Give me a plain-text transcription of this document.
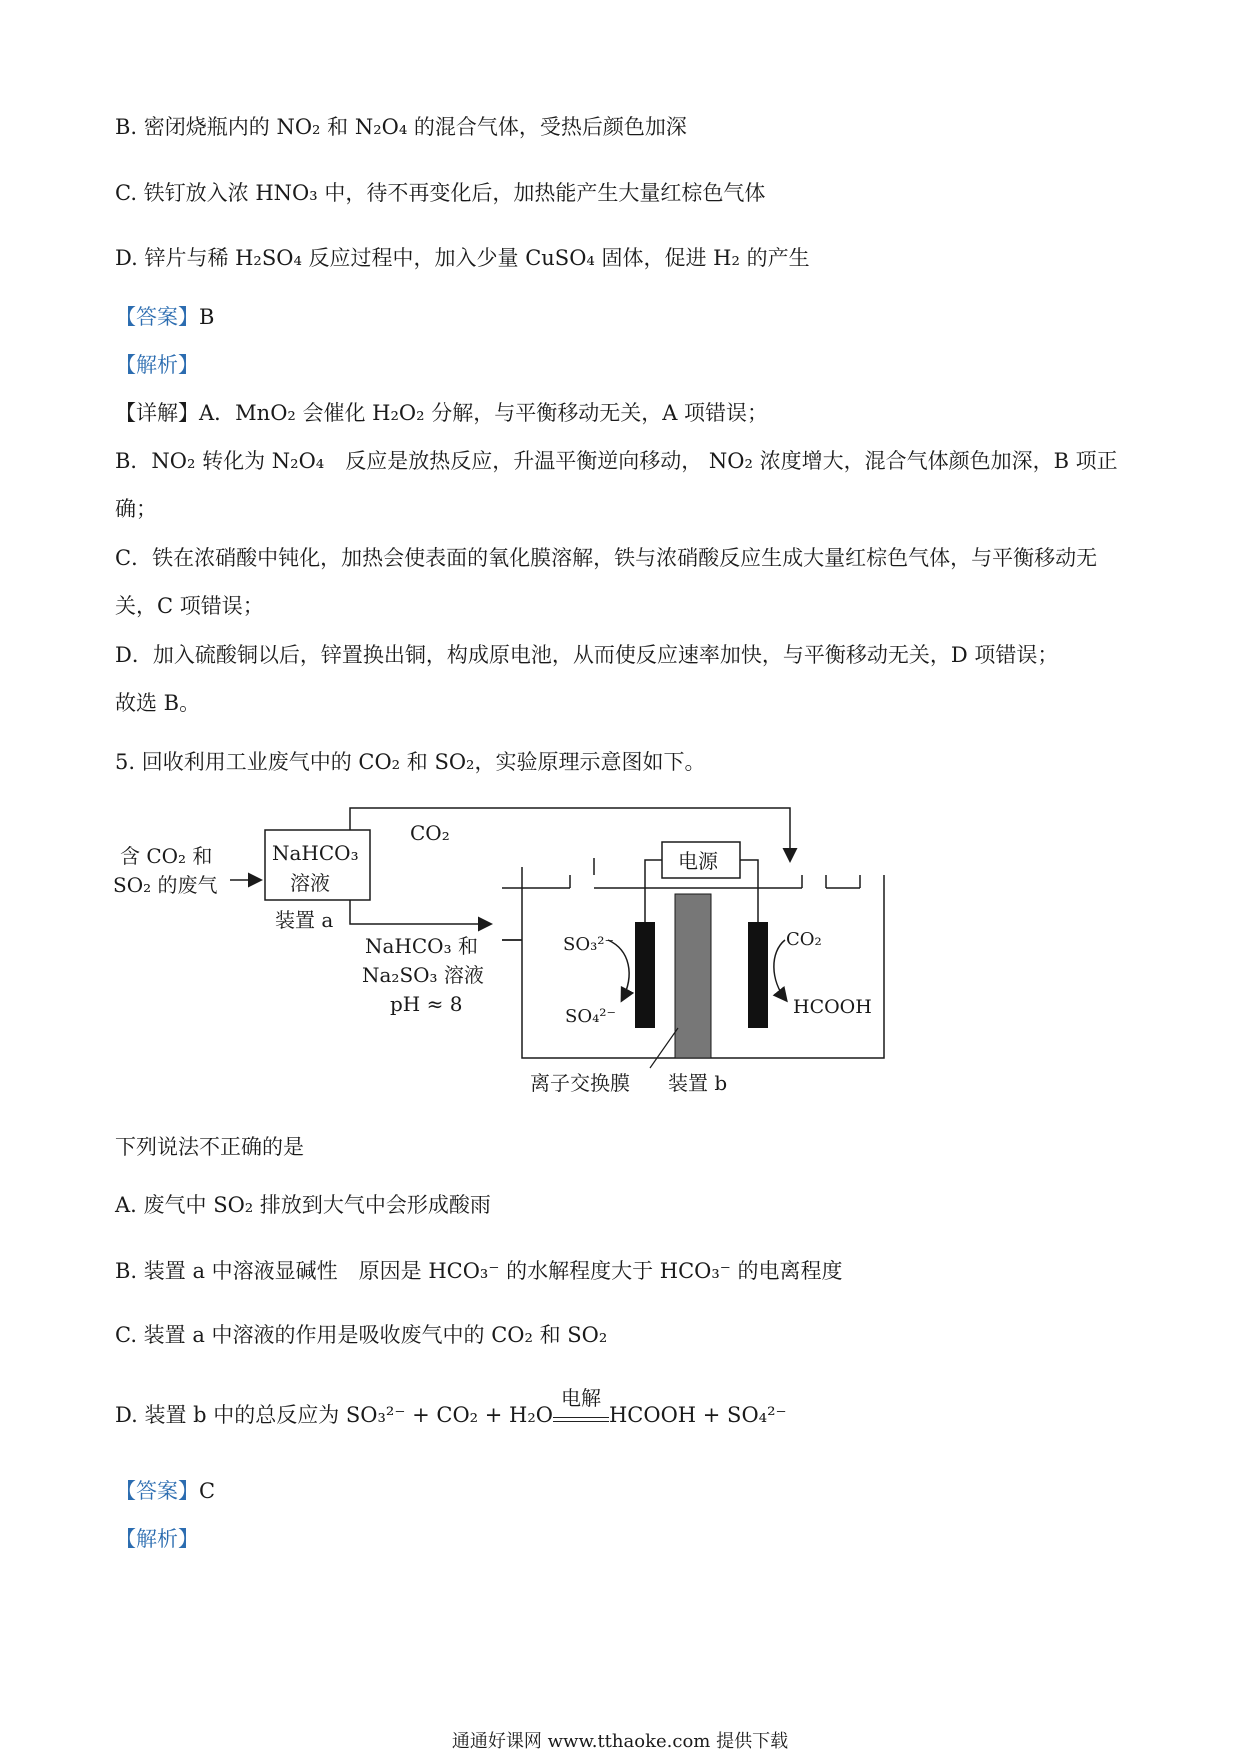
B. 密闭烧瓶内的 NO₂ 和 N₂O₄ 的混合气体，受热后颜色加深
C. 铁钉放入浓 HNO₃ 中，待不再变化后，加热能产生大量红棕色气体
D. 锌片与稀 H₂SO₄ 反应过程中，加入少量 CuSO₄ 固体，促进 H₂ 的产生
【答案】B
【解析】
【详解】A．MnO₂ 会催化 H₂O₂ 分解，与平衡移动无关，A 项错误；
B．NO₂ 转化为 N₂O₄　反应是放热反应，升温平衡逆向移动， NO₂ 浓度增大，混合气体颜色加深，B 项正
确；
C．铁在浓硝酸中钝化，加热会使表面的氧化膜溶解，铁与浓硝酸反应生成大量红棕色气体，与平衡移动无
关，C 项错误；
D．加入硫酸铜以后，锌置换出铜，构成原电池，从而使反应速率加快，与平衡移动无关，D 项错误；
故选 B。
5. 回收利用工业废气中的 CO₂ 和 SO₂，实验原理示意图如下。
含 CO₂ 和
SO₂ 的废气
NaHCO₃
溶液
装置 a
CO₂
NaHCO₃ 和
Na₂SO₃ 溶液
pH ≈ 8
电源
SO₃²⁻
SO₄²⁻
CO₂
HCOOH
离子交换膜 装置 b
下列说法不正确的是
A. 废气中 SO₂ 排放到大气中会形成酸雨
B. 装置 a 中溶液显碱性　原因是 HCO₃⁻ 的水解程度大于 HCO₃⁻ 的电离程度
C. 装置 a 中溶液的作用是吸收废气中的 CO₂ 和 SO₂
D. 装置 b 中的总反应为 SO₃²⁻ + CO₂ + H₂O
电解
HCOOH + SO₄²⁻
【答案】C
【解析】
通通好课网 www.tthaoke.com 提供下载
